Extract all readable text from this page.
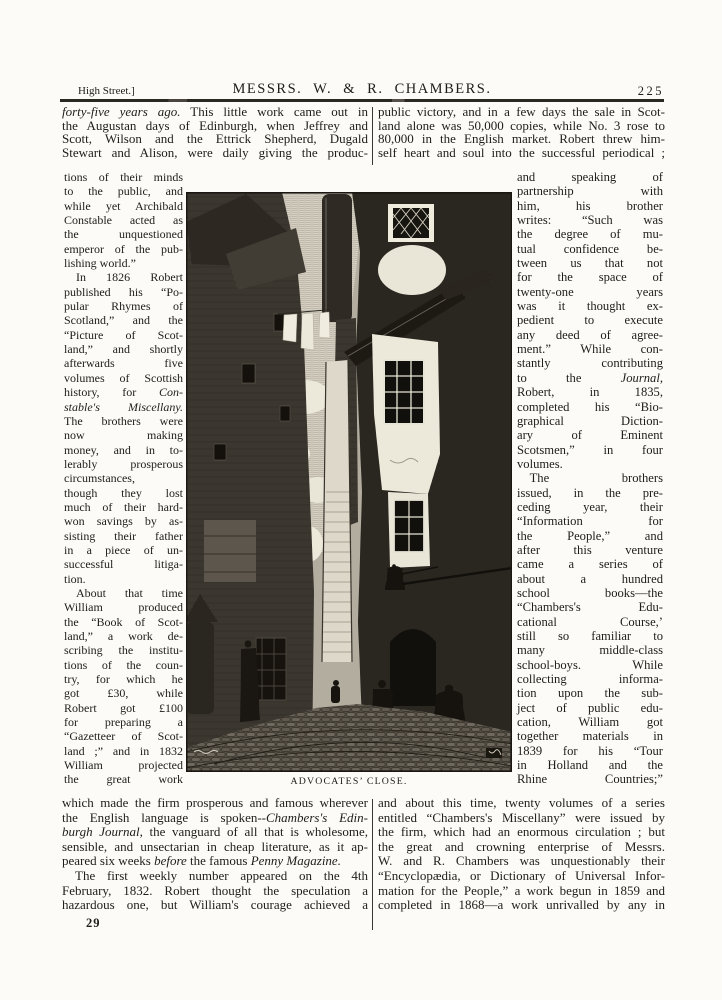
High Street.]	MESSRS. W. & R. CHAMBERS.	225
forty-five years ago. This little work came out in
the Augustan days of Edinburgh, when Jeffrey and
Scott, Wilson and the Ettrick Shepherd, Dugald
Stewart and Alison, were daily giving the produc-
public victory, and in a few days the sale in Scot-
land alone was 50,000 copies, while No. 3 rose to
80,000 in the English market. Robert threw him-
self heart and soul into the successful periodical ;
tions of their minds
to the public, and
while yet Archibald
Constable acted as
the unquestioned
emperor of the pub-
lishing world.”
In 1826 Robert
published his “Po-
pular Rhymes of
Scotland,” and the
“Picture of Scot-
land,” and shortly
afterwards five
volumes of Scottish
history, for Con-
stable's Miscellany.
The brothers were
now making
money, and in to-
lerably prosperous
circumstances,
though they lost
much of their hard-
won savings by as-
sisting their father
in a piece of un-
successful litiga-
tion.
About that time
William produced
the “Book of Scot-
land,” a work de-
scribing the institu-
tions of the coun-
try, for which he
got £30, while
Robert got £100
for preparing a
“Gazetteer of Scot-
land ;” and in 1832
William projected
the great work
and speaking of
partnership with
him, his brother
writes: “Such was
the degree of mu-
tual confidence be-
tween us that not
for the space of
twenty-one years
was it thought ex-
pedient to execute
any deed of agree-
ment.” While con-
stantly contributing
to the Journal,
Robert, in 1835,
completed his “Bio-
graphical Diction-
ary of Eminent
Scotsmen,” in four
volumes.
The brothers
issued, in the pre-
ceding year, their
“Information for
the People,” and
after this venture
came a series of
about a hundred
school books—the
“Chambers's Edu-
cational Course,’
still so familiar to
many middle-class
school-boys. While
collecting informa-
tion upon the sub-
ject of public edu-
cation, William got
together materials in
1839 for his “Tour
in Holland and the
Rhine Countries;”
which made the firm prosperous and famous wherever
the English language is spoken--Chambers's Edin-
burgh Journal, the vanguard of all that is wholesome,
sensible, and unsectarian in cheap literature, as it ap-
peared six weeks before the famous Penny Magazine.
The first weekly number appeared on the 4th
February, 1832. Robert thought the speculation a
hazardous one, but William's courage achieved a
and about this time, twenty volumes of a series
entitled “Chambers's Miscellany” were issued by
the firm, which had an enormous circulation ; but
the great and crowning enterprise of Messrs.
W. and R. Chambers was unquestionably their
“Encyclopædia, or Dictionary of Universal Infor-
mation for the People,” a work begun in 1859 and
completed in 1868—a work unrivalled by any in
ADVOCATES’ CLOSE.
29
